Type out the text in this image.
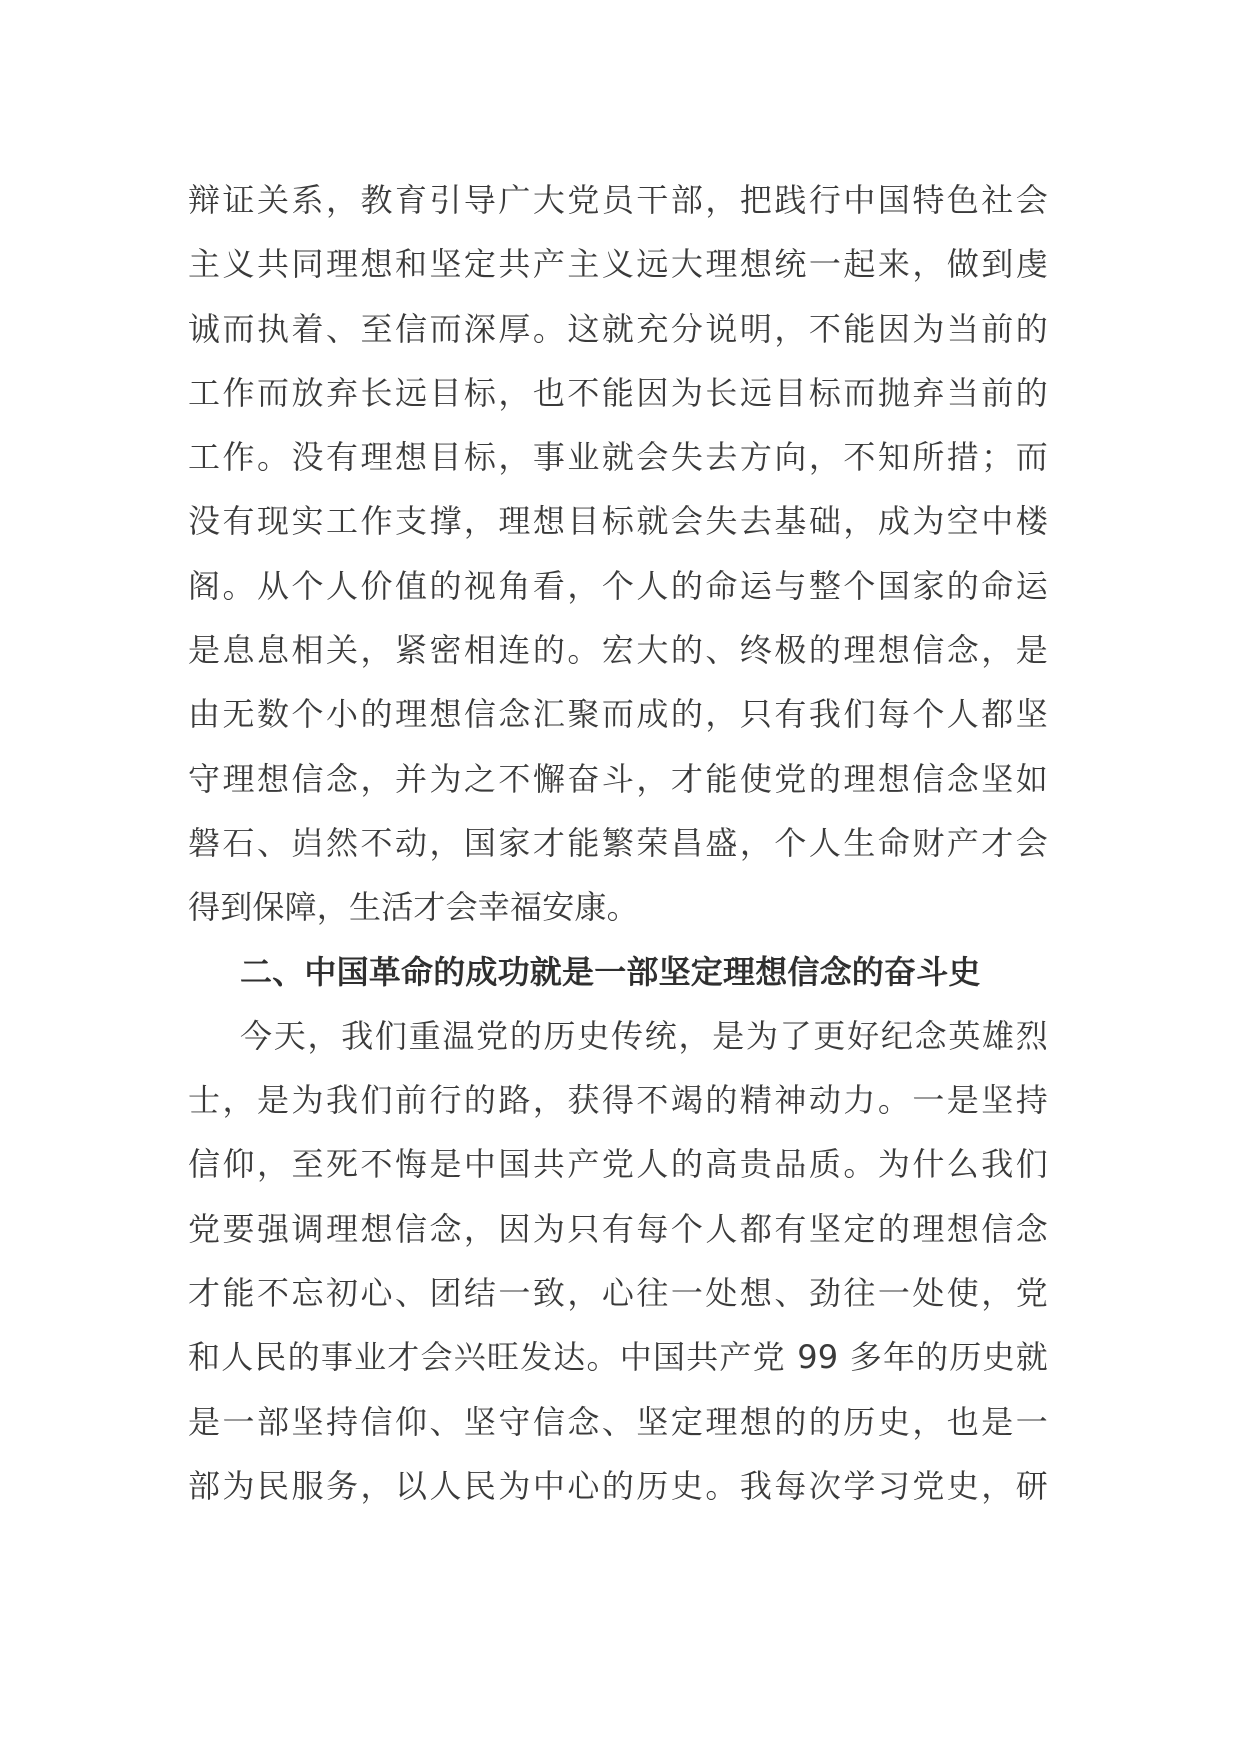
辩证关系，教育引导广大党员干部，把践行中国特色社会
主义共同理想和坚定共产主义远大理想统一起来，做到虔
诚而执着、至信而深厚。这就充分说明，不能因为当前的
工作而放弃长远目标，也不能因为长远目标而抛弃当前的
工作。没有理想目标，事业就会失去方向，不知所措；而
没有现实工作支撑，理想目标就会失去基础，成为空中楼
阁。从个人价值的视角看，个人的命运与整个国家的命运
是息息相关，紧密相连的。宏大的、终极的理想信念，是
由无数个小的理想信念汇聚而成的，只有我们每个人都坚
守理想信念，并为之不懈奋斗，才能使党的理想信念坚如
磐石、岿然不动，国家才能繁荣昌盛，个人生命财产才会
得到保障，生活才会幸福安康。
二、中国革命的成功就是一部坚定理想信念的奋斗史
今天，我们重温党的历史传统，是为了更好纪念英雄烈
士，是为我们前行的路，获得不竭的精神动力。一是坚持
信仰，至死不悔是中国共产党人的高贵品质。为什么我们
党要强调理想信念，因为只有每个人都有坚定的理想信念
才能不忘初心、团结一致，心往一处想、劲往一处使，党
和人民的事业才会兴旺发达。中国共产党 99 多年的历史就
是一部坚持信仰、坚守信念、坚定理想的的历史，也是一
部为民服务，以人民为中心的历史。我每次学习党史，研
